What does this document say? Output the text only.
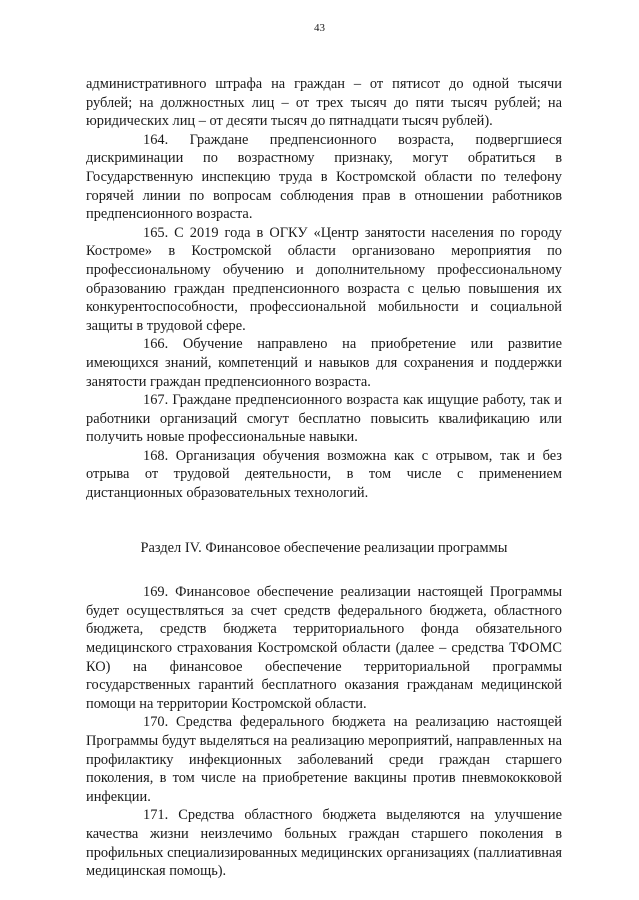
43

административного штрафа на граждан – от пятисот до одной тысячи рублей; на должностных лиц – от трех тысяч до пяти тысяч рублей; на юридических лиц – от десяти тысяч до пятнадцати тысяч рублей).

164. Граждане предпенсионного возраста, подвергшиеся дискриминации по возрастному признаку, могут обратиться в Государственную инспекцию труда в Костромской области по телефону горячей линии по вопросам соблюдения прав в отношении работников предпенсионного возраста.

165. С 2019 года в ОГКУ «Центр занятости населения по городу Костроме» в Костромской области организовано мероприятия по профессиональному обучению и дополнительному профессиональному образованию граждан предпенсионного возраста с целью повышения их конкурентоспособности, профессиональной мобильности и социальной защиты в трудовой сфере.

166. Обучение направлено на приобретение или развитие имеющихся знаний, компетенций и навыков для сохранения и поддержки занятости граждан предпенсионного возраста.

167. Граждане предпенсионного возраста как ищущие работу, так и работники организаций смогут бесплатно повысить квалификацию или получить новые профессиональные навыки.

168. Организация обучения возможна как с отрывом, так и без отрыва от трудовой деятельности, в том числе с применением дистанционных образовательных технологий.

Раздел IV. Финансовое обеспечение реализации программы

169. Финансовое обеспечение реализации настоящей Программы будет осуществляться за счет средств федерального бюджета, областного бюджета, средств бюджета территориального фонда обязательного медицинского страхования Костромской области (далее – средства ТФОМС КО) на финансовое обеспечение территориальной программы государственных гарантий бесплатного оказания гражданам медицинской помощи на территории Костромской области.

170. Средства федерального бюджета на реализацию настоящей Программы будут выделяться на реализацию мероприятий, направленных на профилактику инфекционных заболеваний среди граждан старшего поколения, в том числе на приобретение вакцины против пневмококковой инфекции.

171. Средства областного бюджета выделяются на улучшение качества жизни неизлечимо больных граждан старшего поколения в профильных специализированных медицинских организациях (паллиативная медицинская помощь).
